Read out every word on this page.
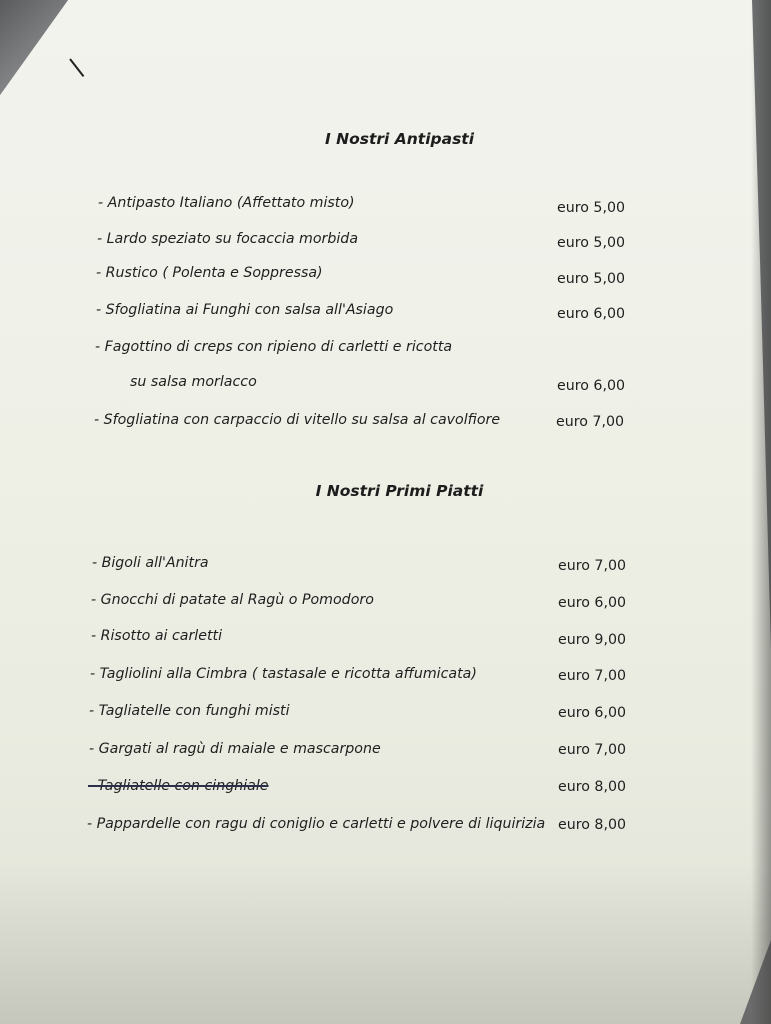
I Nostri Antipasti
- Antipasto Italiano (Affettato misto)	euro 5,00
- Lardo speziato su focaccia morbida	euro 5,00
- Rustico ( Polenta e Soppressa)	euro 5,00
- Sfogliatina ai Funghi con salsa all'Asiago	euro 6,00
- Fagottino di creps con ripieno di carletti e ricotta
su salsa morlacco	euro 6,00
- Sfogliatina con carpaccio di vitello su salsa al cavolfiore	euro 7,00
I Nostri Primi Piatti
- Bigoli all'Anitra	euro 7,00
- Gnocchi di patate al Ragù o Pomodoro	euro 6,00
- Risotto ai carletti	euro 9,00
- Tagliolini alla Cimbra ( tastasale e ricotta affumicata)	euro 7,00
- Tagliatelle con funghi misti	euro 6,00
- Gargati al ragù di maiale e mascarpone	euro 7,00
- Tagliatelle con cinghiale	euro 8,00
- Pappardelle con ragu di coniglio e carletti e polvere di liquirizia euro 8,00
